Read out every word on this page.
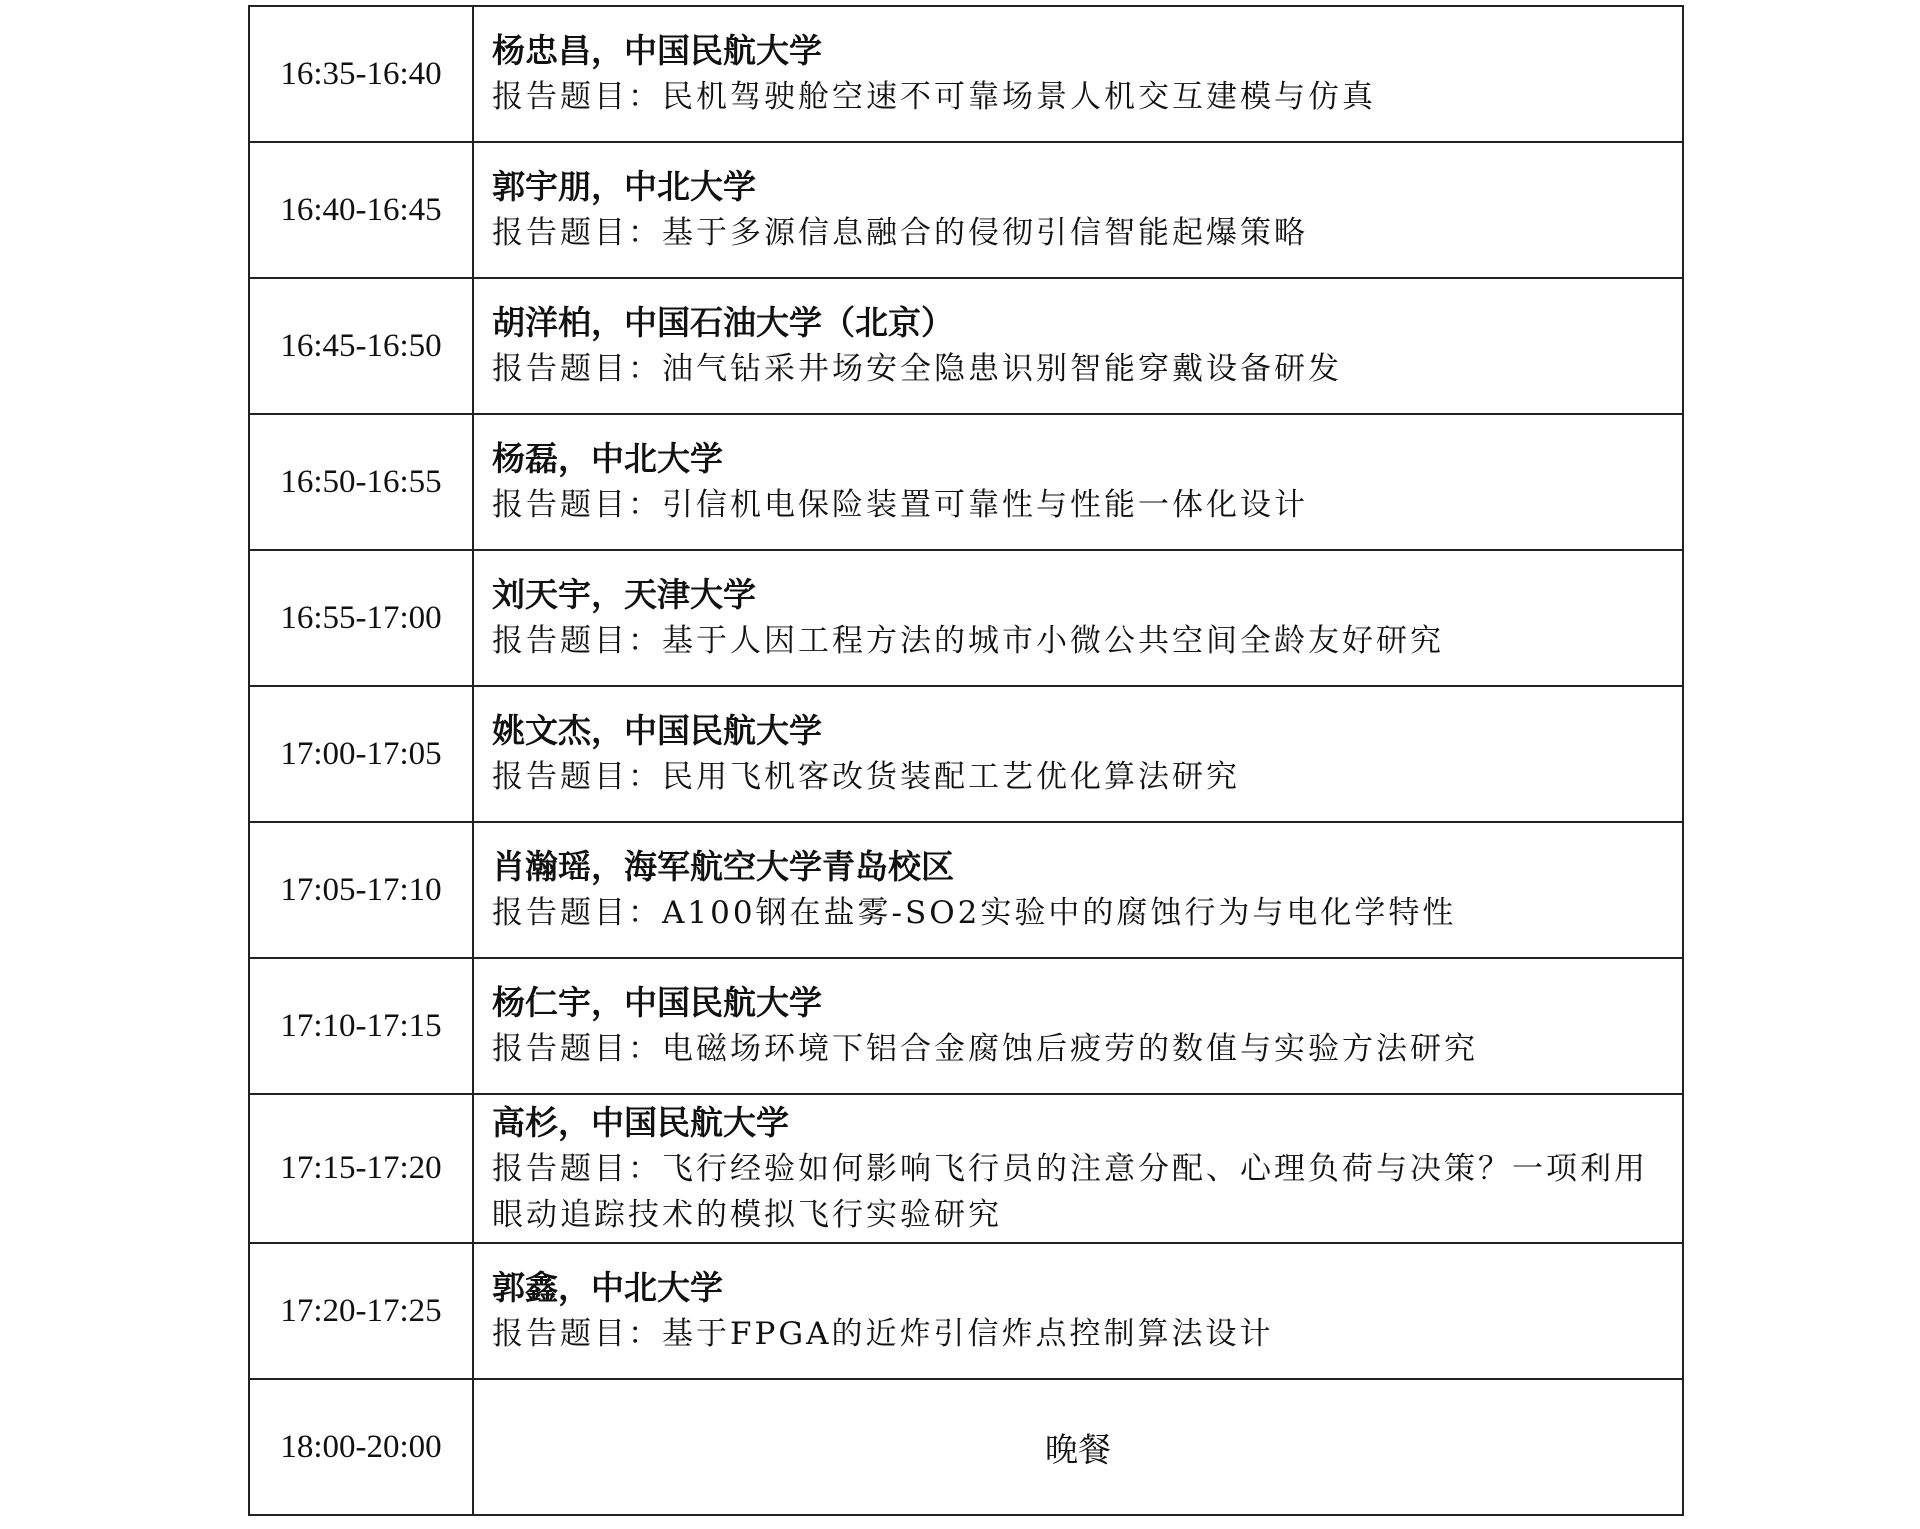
16:35-16:40	杨忠昌，中国民航大学
报告题目：民机驾驶舱空速不可靠场景人机交互建模与仿真

16:40-16:45	郭宇朋，中北大学
报告题目：基于多源信息融合的侵彻引信智能起爆策略

16:45-16:50	胡洋柏，中国石油大学（北京）
报告题目：油气钻采井场安全隐患识别智能穿戴设备研发

16:50-16:55	杨磊，中北大学
报告题目：引信机电保险装置可靠性与性能一体化设计

16:55-17:00	刘天宇，天津大学
报告题目：基于人因工程方法的城市小微公共空间全龄友好研究

17:00-17:05	姚文杰，中国民航大学
报告题目：民用飞机客改货装配工艺优化算法研究

17:05-17:10	肖瀚瑶，海军航空大学青岛校区
报告题目：A100钢在盐雾-SO2实验中的腐蚀行为与电化学特性

17:10-17:15	杨仁宇，中国民航大学
报告题目：电磁场环境下铝合金腐蚀后疲劳的数值与实验方法研究

17:15-17:20	高杉，中国民航大学
报告题目：飞行经验如何影响飞行员的注意分配、心理负荷与决策？一项利用眼动追踪技术的模拟飞行实验研究

17:20-17:25	郭鑫，中北大学
报告题目：基于FPGA的近炸引信炸点控制算法设计

18:00-20:00	晚餐
